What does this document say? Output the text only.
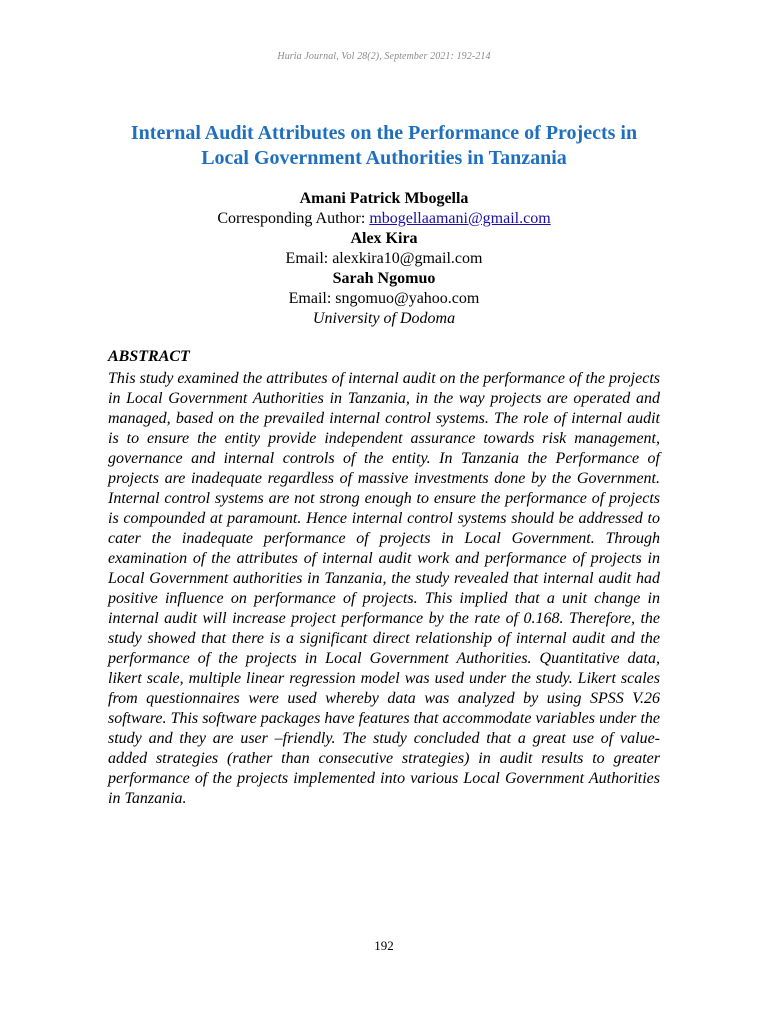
Huria Journal, Vol 28(2), September 2021: 192-214
Internal Audit Attributes on the Performance of Projects in
Local Government Authorities in Tanzania
Amani Patrick Mbogella
Corresponding Author: mbogellaamani@gmail.com
Alex Kira
Email: alexkira10@gmail.com
Sarah Ngomuo
Email: sngomuo@yahoo.com
University of Dodoma
ABSTRACT
This study examined the attributes of internal audit on the performance of the projects in Local Government Authorities in Tanzania, in the way projects are operated and managed, based on the prevailed internal control systems. The role of internal audit is to ensure the entity provide independent assurance towards risk management, governance and internal controls of the entity. In Tanzania the Performance of projects are inadequate regardless of massive investments done by the Government. Internal control systems are not strong enough to ensure the performance of projects is compounded at paramount. Hence internal control systems should be addressed to cater the inadequate performance of projects in Local Government. Through examination of the attributes of internal audit work and performance of projects in Local Government authorities in Tanzania, the study revealed that internal audit had positive influence on performance of projects. This implied that a unit change in internal audit will increase project performance by the rate of 0.168. Therefore, the study showed that there is a significant direct relationship of internal audit and the performance of the projects in Local Government Authorities. Quantitative data, likert scale, multiple linear regression model was used under the study. Likert scales from questionnaires were used whereby data was analyzed by using SPSS V.26 software. This software packages have features that accommodate variables under the study and they are user –friendly. The study concluded that a great use of value-added strategies (rather than consecutive strategies) in audit results to greater performance of the projects implemented into various Local Government Authorities in Tanzania.
192
